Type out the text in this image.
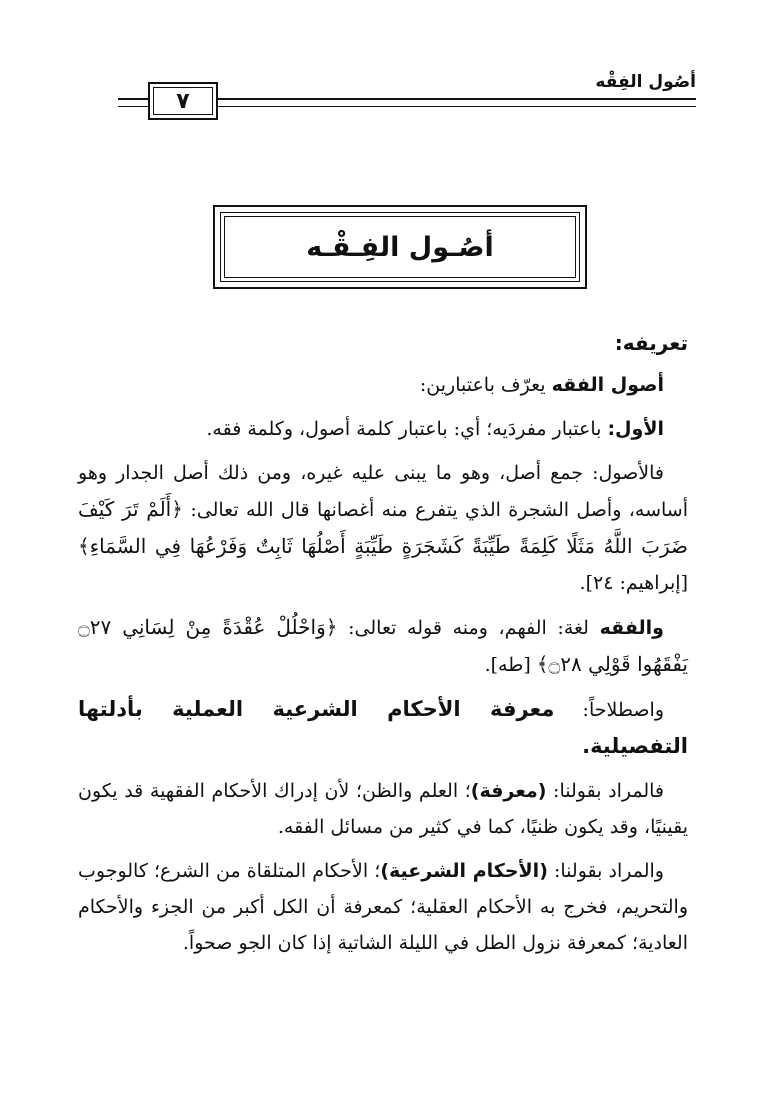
أصُول الفِقْه
٧
أصُـول الفِـقْـه

تعريفه:

أصول الفقه يعرّف باعتبارين:

الأول: باعتبار مفردَيه؛ أي: باعتبار كلمة أصول، وكلمة فقه.

فالأصول: جمع أصل، وهو ما يبنى عليه غيره، ومن ذلك أصل الجدار وهو أساسه، وأصل الشجرة الذي يتفرع منه أغصانها قال الله تعالى: ﴿أَلَمْ تَرَ كَيْفَ ضَرَبَ اللَّهُ مَثَلًا كَلِمَةً طَيِّبَةً كَشَجَرَةٍ طَيِّبَةٍ أَصْلُهَا ثَابِتٌ وَفَرْعُهَا فِي السَّمَاءِ﴾ [إبراهيم: ٢٤].

والفقه لغة: الفهم، ومنه قوله تعالى: ﴿وَاحْلُلْ عُقْدَةً مِنْ لِسَانِي ۝٢٧ يَفْقَهُوا قَوْلِي ۝٢٨﴾ [طه].

واصطلاحاً: معرفة الأحكام الشرعية العملية بأدلتها التفصيلية.

فالمراد بقولنا: (معرفة)؛ العلم والظن؛ لأن إدراك الأحكام الفقهية قد يكون يقينيًا، وقد يكون ظنيًا، كما في كثير من مسائل الفقه.

والمراد بقولنا: (الأحكام الشرعية)؛ الأحكام المتلقاة من الشرع؛ كالوجوب والتحريم، فخرج به الأحكام العقلية؛ كمعرفة أن الكل أكبر من الجزء والأحكام العادية؛ كمعرفة نزول الطل في الليلة الشاتية إذا كان الجو صحواً.
